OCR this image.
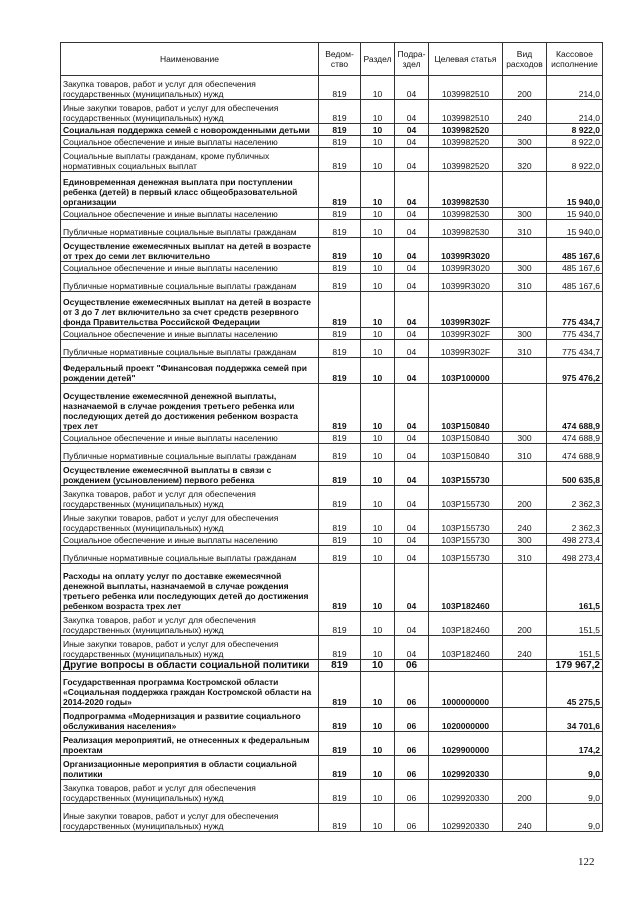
Наименование	Ведом-ство	Раздел	Подра-здел	Целевая статья	Вид расходов	Кассовое исполнение
Закупка товаров, работ и услуг для обеспечения государственных (муниципальных) нужд	819	10	04	1039982510	200	214,0
Иные закупки товаров, работ и услуг для обеспечения государственных (муниципальных) нужд	819	10	04	1039982510	240	214,0
Социальная поддержка семей с новорожденными детьми	819	10	04	1039982520		8 922,0
Социальное обеспечение и иные выплаты населению	819	10	04	1039982520	300	8 922,0
Социальные выплаты гражданам, кроме публичных нормативных социальных выплат	819	10	04	1039982520	320	8 922,0
Единовременная денежная выплата при поступлении ребенка (детей) в первый класс общеобразовательной организации	819	10	04	1039982530		15 940,0
Социальное обеспечение и иные выплаты населению	819	10	04	1039982530	300	15 940,0
Публичные нормативные социальные выплаты гражданам	819	10	04	1039982530	310	15 940,0
Осуществление ежемесячных выплат на детей в возрасте от трех до семи лет включительно	819	10	04	10399R3020		485 167,6
Социальное обеспечение и иные выплаты населению	819	10	04	10399R3020	300	485 167,6
Публичные нормативные социальные выплаты гражданам	819	10	04	10399R3020	310	485 167,6
Осуществление ежемесячных выплат на детей в возрасте от 3 до 7 лет включительно за счет средств резервного фонда Правительства Российской Федерации	819	10	04	10399R302F		775 434,7
Социальное обеспечение и иные выплаты населению	819	10	04	10399R302F	300	775 434,7
Публичные нормативные социальные выплаты гражданам	819	10	04	10399R302F	310	775 434,7
Федеральный проект "Финансовая поддержка семей при рождении детей"	819	10	04	103P100000		975 476,2
Осуществление ежемесячной денежной выплаты, назначаемой в случае рождения третьего ребенка или последующих детей до достижения ребенком возраста трех лет	819	10	04	103P150840		474 688,9
Социальное обеспечение и иные выплаты населению	819	10	04	103P150840	300	474 688,9
Публичные нормативные социальные выплаты гражданам	819	10	04	103P150840	310	474 688,9
Осуществление ежемесячной выплаты в связи с рождением (усыновлением) первого ребенка	819	10	04	103P155730		500 635,8
Закупка товаров, работ и услуг для обеспечения государственных (муниципальных) нужд	819	10	04	103P155730	200	2 362,3
Иные закупки товаров, работ и услуг для обеспечения государственных (муниципальных) нужд	819	10	04	103P155730	240	2 362,3
Социальное обеспечение и иные выплаты населению	819	10	04	103P155730	300	498 273,4
Публичные нормативные социальные выплаты гражданам	819	10	04	103P155730	310	498 273,4
Расходы на оплату услуг по доставке ежемесячной денежной выплаты, назначаемой в случае рождения третьего ребенка или последующих детей до достижения ребенком возраста трех лет	819	10	04	103P182460		161,5
Закупка товаров, работ и услуг для обеспечения государственных (муниципальных) нужд	819	10	04	103P182460	200	151,5
Иные закупки товаров, работ и услуг для обеспечения государственных (муниципальных) нужд	819	10	04	103P182460	240	151,5
Другие вопросы в области социальной политики	819	10	06			179 967,2
Государственная программа Костромской области «Социальная поддержка граждан Костромской области на 2014-2020 годы»	819	10	06	1000000000		45 275,5
Подпрограмма «Модернизация и развитие социального обслуживания населения»	819	10	06	1020000000		34 701,6
Реализация мероприятий, не отнесенных к федеральным проектам	819	10	06	1029900000		174,2
Организационные мероприятия в области социальной политики	819	10	06	1029920330		9,0
Закупка товаров, работ и услуг для обеспечения государственных (муниципальных) нужд	819	10	06	1029920330	200	9,0
Иные закупки товаров, работ и услуг для обеспечения государственных (муниципальных) нужд	819	10	06	1029920330	240	9,0
122
